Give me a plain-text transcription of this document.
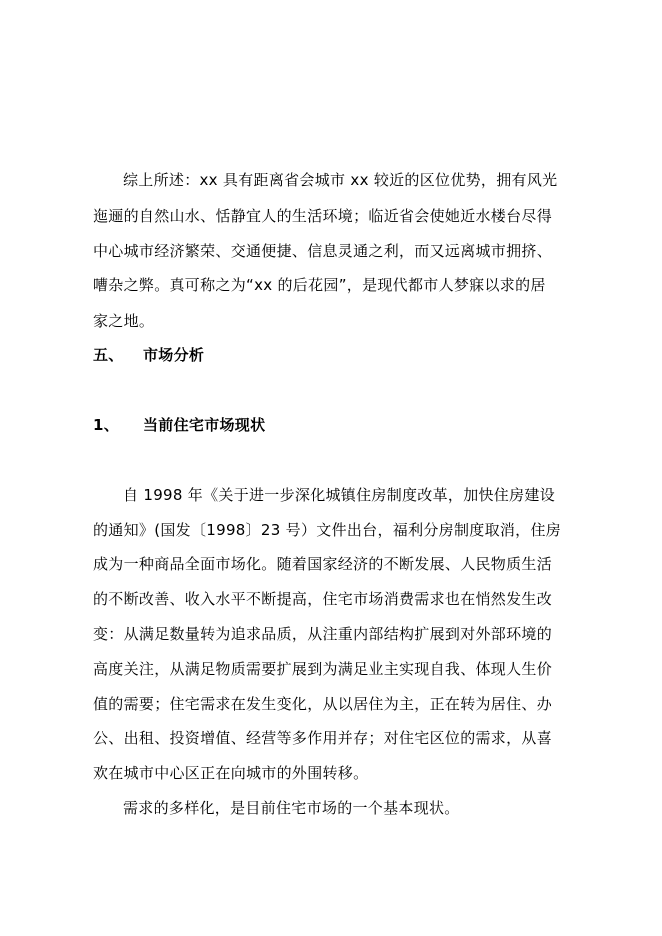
综上所述：xx 具有距离省会城市 xx 较近的区位优势，拥有风光
迤逦的自然山水、恬静宜人的生活环境；临近省会使她近水楼台尽得
中心城市经济繁荣、交通便捷、信息灵通之利，而又远离城市拥挤、
嘈杂之弊。真可称之为“xx 的后花园”，是现代都市人梦寐以求的居
家之地。
五、 市场分析
1、 当前住宅市场现状
自 1998 年《关于进一步深化城镇住房制度改革，加快住房建设
的通知》(国发〔1998〕23 号）文件出台，福利分房制度取消，住房
成为一种商品全面市场化。随着国家经济的不断发展、人民物质生活
的不断改善、收入水平不断提高，住宅市场消费需求也在悄然发生改
变：从满足数量转为追求品质，从注重内部结构扩展到对外部环境的
高度关注，从满足物质需要扩展到为满足业主实现自我、体现人生价
值的需要；住宅需求在发生变化，从以居住为主，正在转为居住、办
公、出租、投资增值、经营等多作用并存；对住宅区位的需求，从喜
欢在城市中心区正在向城市的外围转移。
需求的多样化，是目前住宅市场的一个基本现状。
